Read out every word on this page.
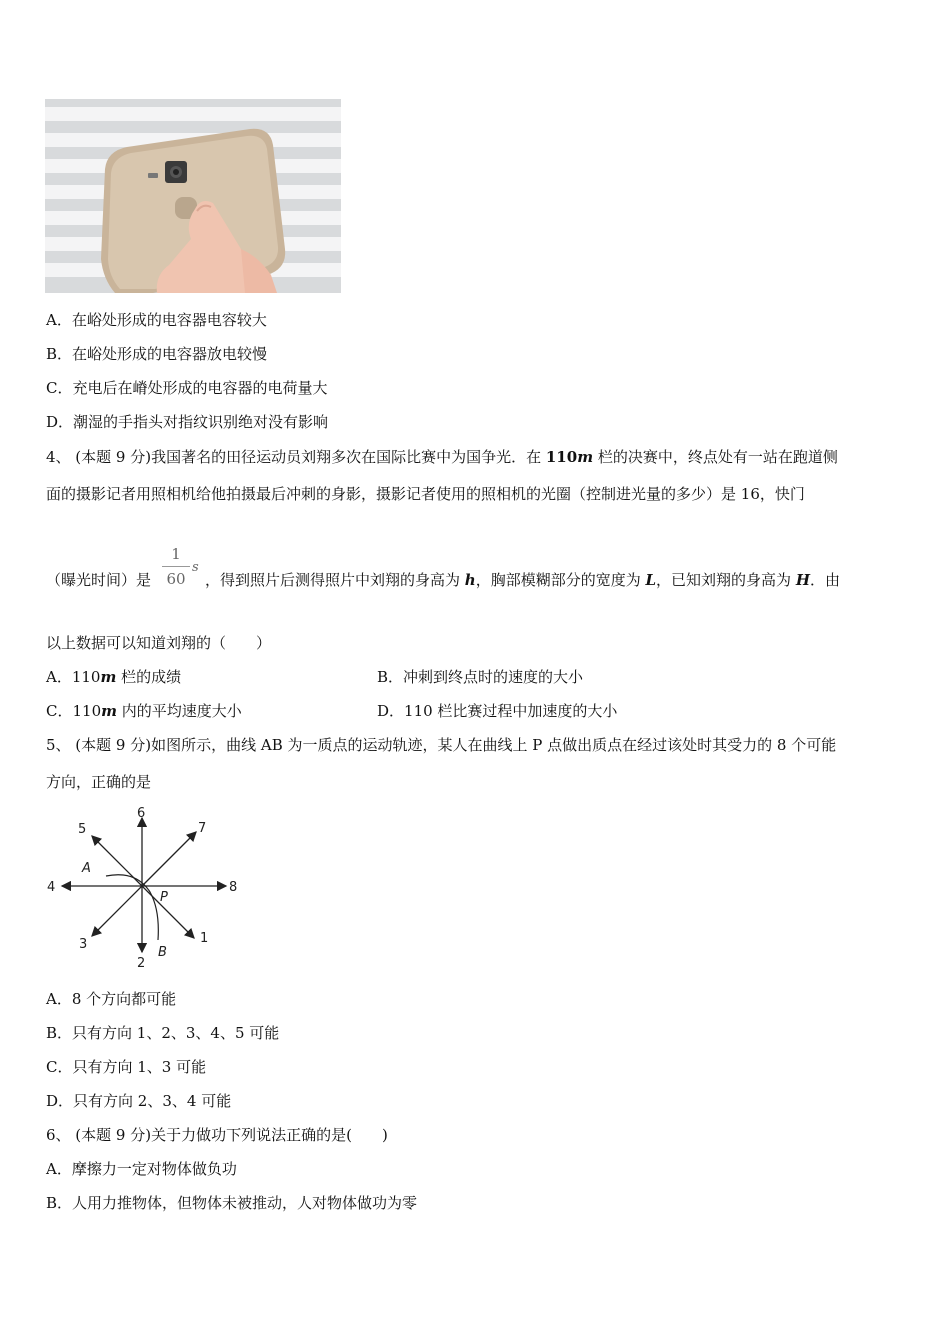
A．在峪处形成的电容器电容较大
B．在峪处形成的电容器放电较慢
C．充电后在嵴处形成的电容器的电荷量大
D．潮湿的手指头对指纹识别绝对没有影响
4、 (本题 9 分)我国著名的田径运动员刘翔多次在国际比赛中为国争光．在 110m 栏的决赛中，终点处有一站在跑道侧
面的摄影记者用照相机给他拍摄最后冲刺的身影，摄影记者使用的照相机的光圈（控制进光量的多少）是 16，快门
1
60
s
（曝光时间）是	，得到照片后测得照片中刘翔的身高为 h，胸部模糊部分的宽度为 L，已知刘翔的身高为 H．由
以上数据可以知道刘翔的（　　）
A．110m 栏的成绩	B．冲刺到终点时的速度的大小
C．110m 内的平均速度大小	D．110 栏比赛过程中加速度的大小
5、 (本题 9 分)如图所示，曲线 AB 为一质点的运动轨迹，某人在曲线上 P 点做出质点在经过该处时其受力的 8 个可能
方向，正确的是
1
2
3
4
5
6
7
8
A
B
P
A．8 个方向都可能
B．只有方向 1、2、3、4、5 可能
C．只有方向 1、3 可能
D．只有方向 2、3、4 可能
6、 (本题 9 分)关于力做功下列说法正确的是(　　)
A．摩擦力一定对物体做负功
B．人用力推物体，但物体未被推动，人对物体做功为零
